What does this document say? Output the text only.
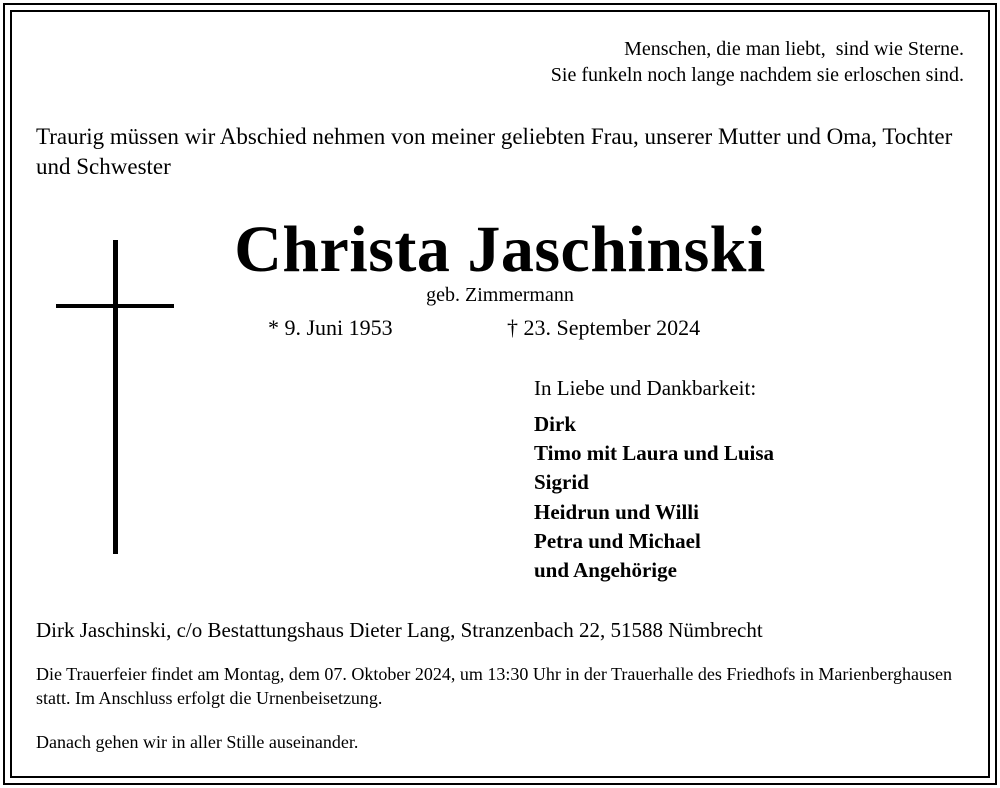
Menschen, die man liebt,  sind wie Sterne.
Sie funkeln noch lange nachdem sie erloschen sind.
Traurig müssen wir Abschied nehmen von meiner geliebten Frau, unserer Mutter und Oma, Tochter und Schwester
Christa Jaschinski
geb. Zimmermann
* 9. Juni 1953	† 23. September 2024
In Liebe und Dankbarkeit:
Dirk
Timo mit Laura und Luisa
Sigrid
Heidrun und Willi
Petra und Michael
und Angehörige
Dirk Jaschinski, c/o Bestattungshaus Dieter Lang, Stranzenbach 22, 51588 Nümbrecht
Die Trauerfeier findet am Montag, dem 07. Oktober 2024, um 13:30 Uhr in der Trauerhalle des Friedhofs in Marienberghausen statt. Im Anschluss erfolgt die Urnenbeisetzung.
Danach gehen wir in aller Stille auseinander.
